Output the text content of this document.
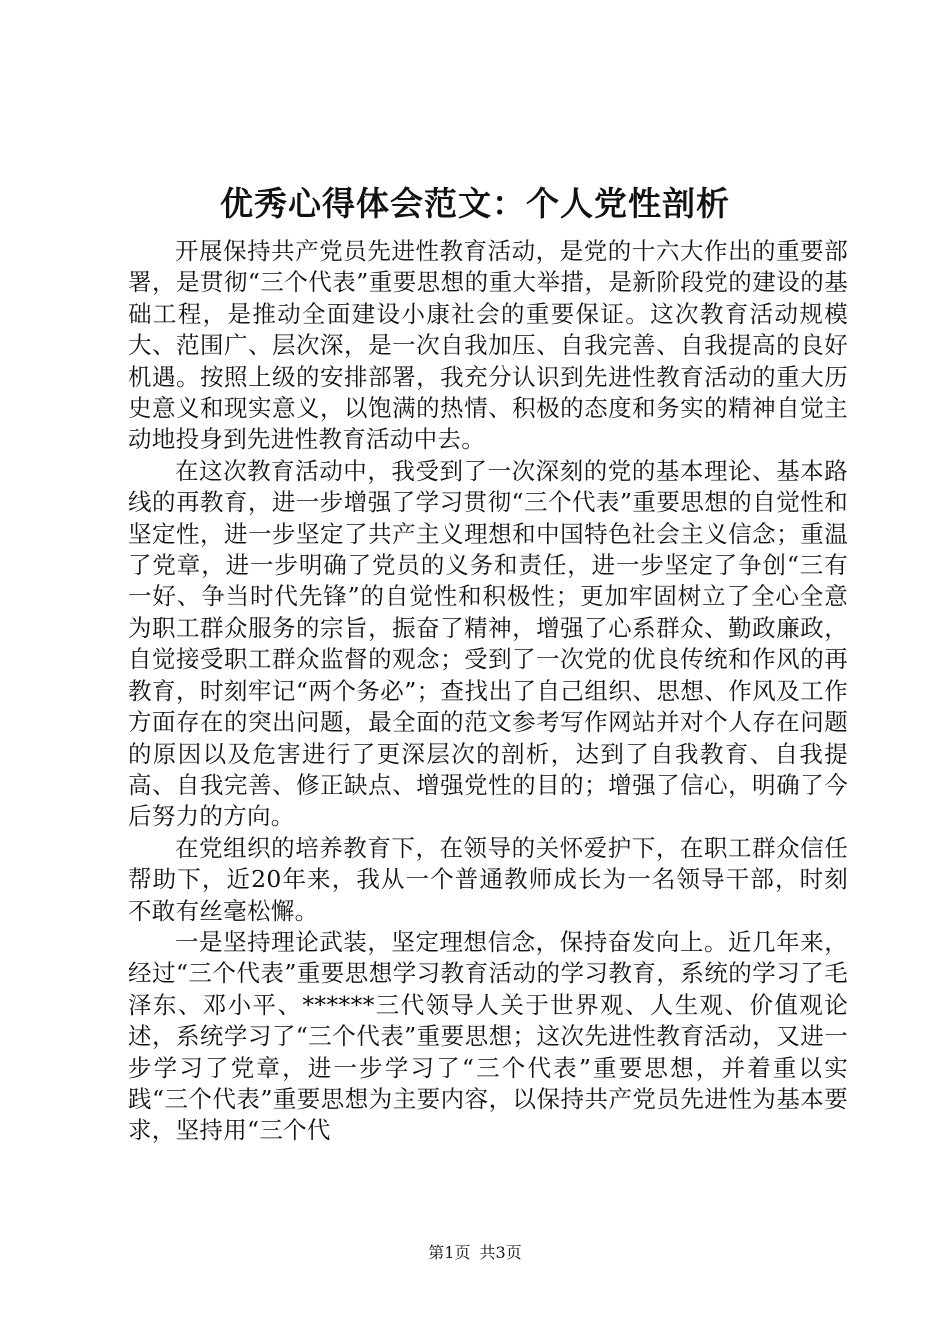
优秀心得体会范文：个人党性剖析

开展保持共产党员先进性教育活动，是党的十六大作出的重要部署，是贯彻“三个代表”重要思想的重大举措，是新阶段党的建设的基础工程，是推动全面建设小康社会的重要保证。这次教育活动规模大、范围广、层次深，是一次自我加压、自我完善、自我提高的良好机遇。按照上级的安排部署，我充分认识到先进性教育活动的重大历史意义和现实意义，以饱满的热情、积极的态度和务实的精神自觉主动地投身到先进性教育活动中去。

在这次教育活动中，我受到了一次深刻的党的基本理论、基本路线的再教育，进一步增强了学习贯彻“三个代表”重要思想的自觉性和坚定性，进一步坚定了共产主义理想和中国特色社会主义信念；重温了党章，进一步明确了党员的义务和责任，进一步坚定了争创“三有一好、争当时代先锋”的自觉性和积极性；更加牢固树立了全心全意为职工群众服务的宗旨，振奋了精神，增强了心系群众、勤政廉政，自觉接受职工群众监督的观念；受到了一次党的优良传统和作风的再教育，时刻牢记“两个务必”；查找出了自己组织、思想、作风及工作方面存在的突出问题，最全面的范文参考写作网站并对个人存在问题的原因以及危害进行了更深层次的剖析，达到了自我教育、自我提高、自我完善、修正缺点、增强党性的目的；增强了信心，明确了今后努力的方向。

在党组织的培养教育下，在领导的关怀爱护下，在职工群众信任帮助下，近20年来，我从一个普通教师成长为一名领导干部，时刻不敢有丝毫松懈。

一是坚持理论武装，坚定理想信念，保持奋发向上。近几年来，经过“三个代表”重要思想学习教育活动的学习教育，系统的学习了毛泽东、邓小平、******三代领导人关于世界观、人生观、价值观论述，系统学习了“三个代表”重要思想；这次先进性教育活动，又进一步学习了党章，进一步学习了“三个代表”重要思想，并着重以实践“三个代表”重要思想为主要内容，以保持共产党员先进性为基本要求，坚持用“三个代

第1页 共3页
